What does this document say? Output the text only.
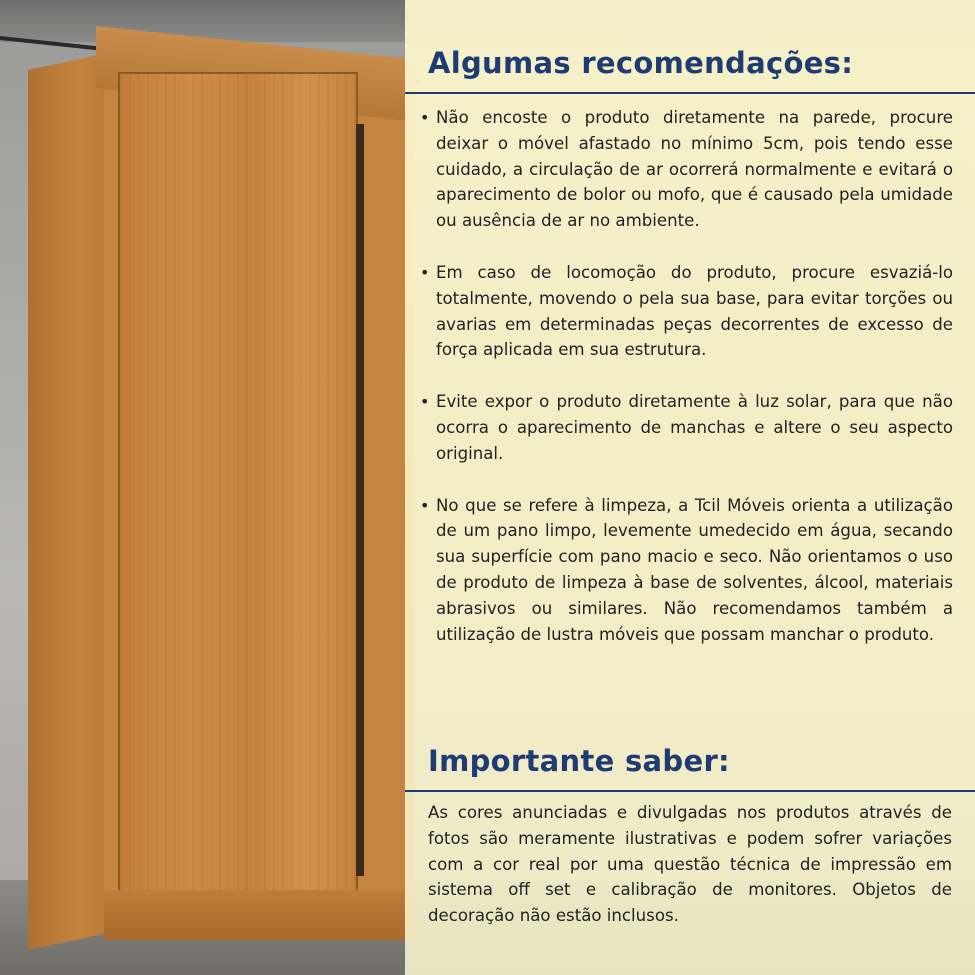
Algumas recomendações:
• Não encoste o produto diretamente na parede, procure deixar o móvel afastado no mínimo 5cm, pois tendo esse cuidado, a circulação de ar ocorrerá normalmente e evitará o aparecimento de bolor ou mofo, que é causado pela umidade ou ausência de ar no ambiente.
• Em caso de locomoção do produto, procure esvaziá-lo totalmente, movendo o pela sua base, para evitar torções ou avarias em determinadas peças decorrentes de excesso de força aplicada em sua estrutura.
• Evite expor o produto diretamente à luz solar, para que não ocorra o aparecimento de manchas e altere o seu aspecto original.
• No que se refere à limpeza, a Tcil Móveis orienta a utilização de um pano limpo, levemente umedecido em água, secando sua superfície com pano macio e seco. Não orientamos o uso de produto de limpeza à base de solventes, álcool, materiais abrasivos ou similares. Não recomendamos também a utilização de lustra móveis que possam manchar o produto.
Importante saber:

As cores anunciadas e divulgadas nos produtos através de fotos são meramente ilustrativas e podem sofrer variações com a cor real por uma questão técnica de impressão em sistema off set e calibração de monitores. Objetos de decoração não estão inclusos.
